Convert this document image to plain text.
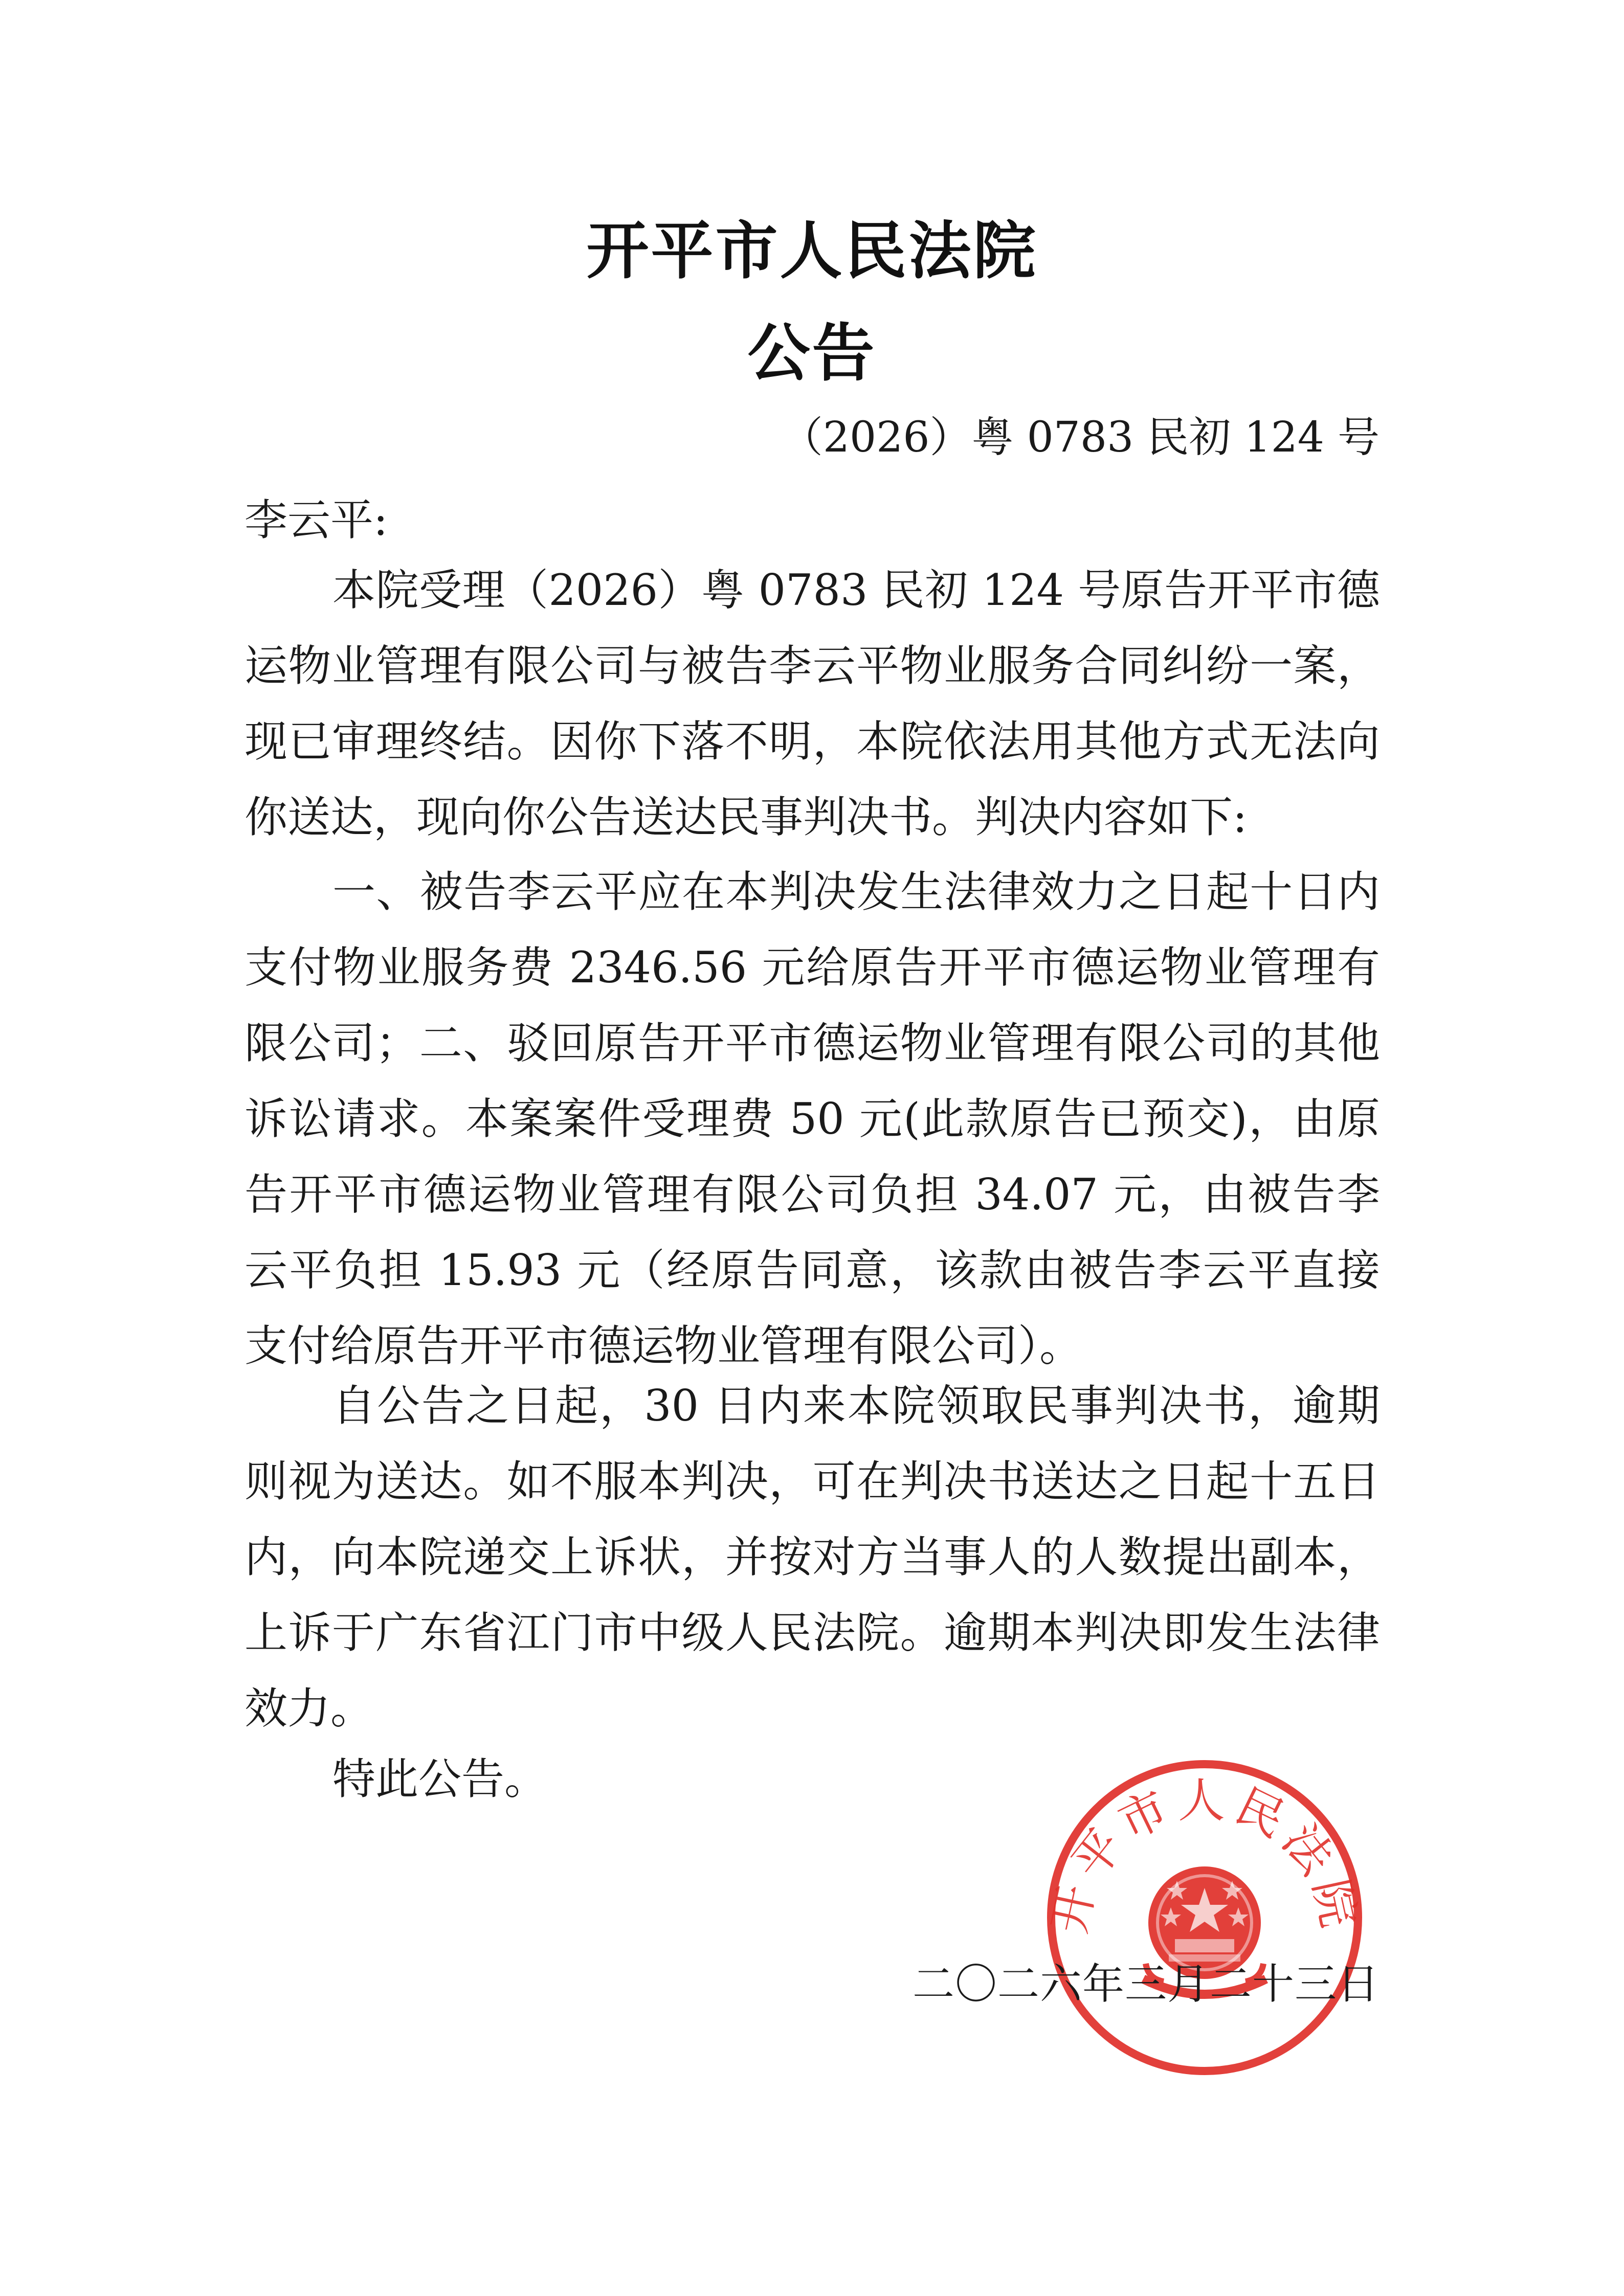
开平市人民法院
公告
（2026）粤 0783 民初 124 号
李云平:

本院受理（2026）粤 0783 民初 124 号原告开平市德运物业管理有限公司与被告李云平物业服务合同纠纷一案，现已审理终结。因你下落不明，本院依法用其他方式无法向你送达，现向你公告送达民事判决书。判决内容如下:

一、被告李云平应在本判决发生法律效力之日起十日内支付物业服务费 2346.56 元给原告开平市德运物业管理有限公司；二、驳回原告开平市德运物业管理有限公司的其他诉讼请求。本案案件受理费 50 元(此款原告已预交)，由原告开平市德运物业管理有限公司负担 34.07 元，由被告李云平负担 15.93 元（经原告同意，该款由被告李云平直接支付给原告开平市德运物业管理有限公司）。

自公告之日起，30 日内来本院领取民事判决书，逾期则视为送达。如不服本判决，可在判决书送达之日起十五日内，向本院递交上诉状，并按对方当事人的人数提出副本，上诉于广东省江门市中级人民法院。逾期本判决即发生法律效力。

特此公告。

开平市人民法院
二〇二六年三月二十三日
